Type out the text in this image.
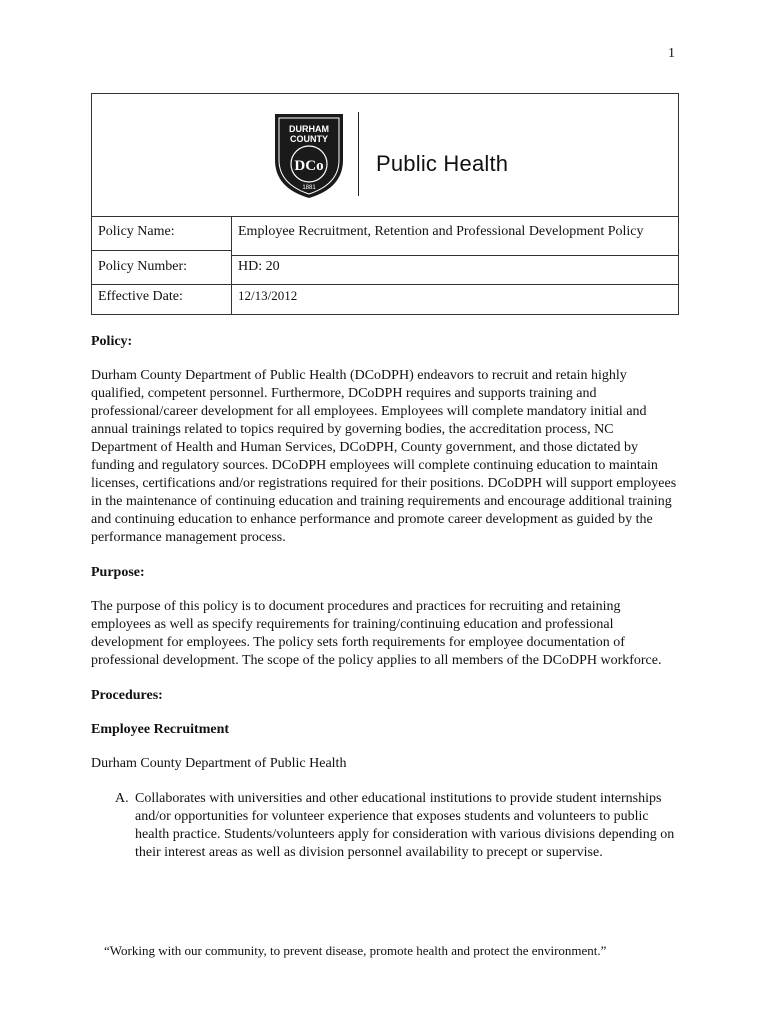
1
DURHAM
COUNTY
DCo
1881
Public Health
Policy Name:	Employee Recruitment, Retention and Professional Development Policy
Policy Number:	HD: 20
Effective Date:	12/13/2012
Policy:
Durham County Department of Public Health (DCoDPH) endeavors to recruit and retain highly qualified, competent personnel. Furthermore, DCoDPH requires and supports training and professional/career development for all employees. Employees will complete mandatory initial and annual trainings related to topics required by governing bodies, the accreditation process, NC Department of Health and Human Services, DCoDPH, County government, and those dictated by funding and regulatory sources. DCoDPH employees will complete continuing education to maintain licenses, certifications and/or registrations required for their positions. DCoDPH will support employees in the maintenance of continuing education and training requirements and encourage additional training and continuing education to enhance performance and promote career development as guided by the performance management process.
Purpose:
The purpose of this policy is to document procedures and practices for recruiting and retaining employees as well as specify requirements for training/continuing education and professional development for employees. The policy sets forth requirements for employee documentation of professional development. The scope of the policy applies to all members of the DCoDPH workforce.
Procedures:
Employee Recruitment
Durham County Department of Public Health
A. Collaborates with universities and other educational institutions to provide student internships and/or opportunities for volunteer experience that exposes students and volunteers to public health practice. Students/volunteers apply for consideration with various divisions depending on their interest areas as well as division personnel availability to precept or supervise.
“Working with our community, to prevent disease, promote health and protect the environment.”
